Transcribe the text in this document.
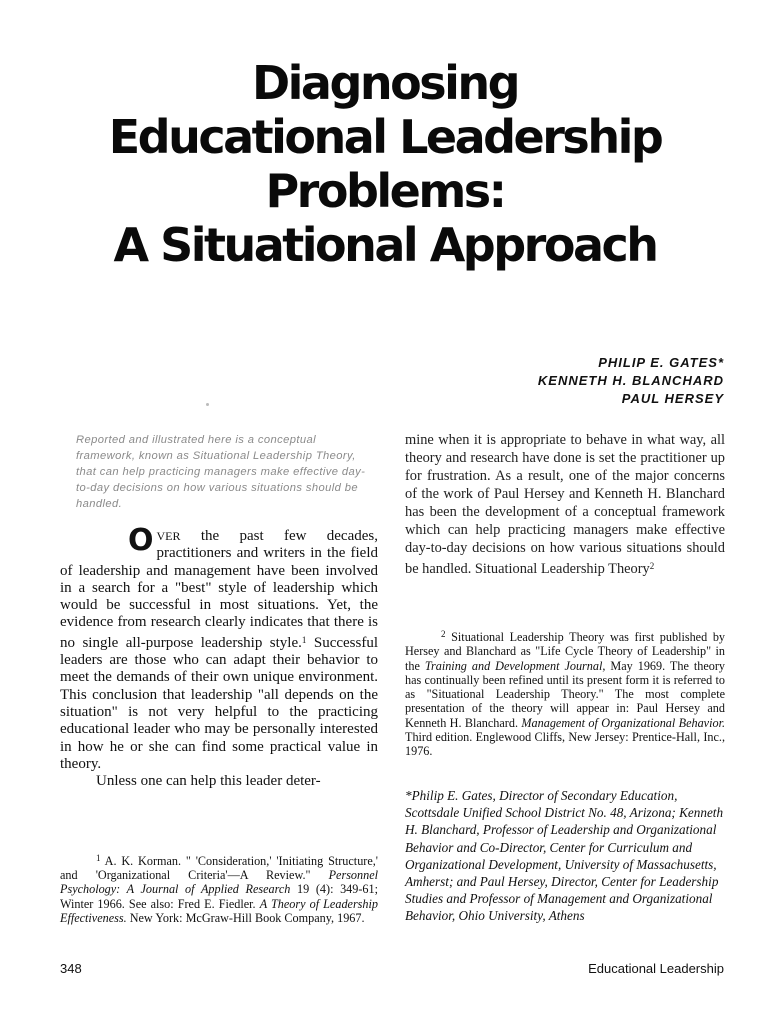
Diagnosing
Educational Leadership
Problems:
A Situational Approach
PHILIP E. GATES*
KENNETH H. BLANCHARD
PAUL HERSEY
Reported and illustrated here is a conceptual framework, known as Situational Leadership Theory, that can help practicing managers make effective day-to-day decisions on how various situations should be handled.

OVER the past few decades, practitioners and writers in the field of leadership and management have been involved in a search for a "best" style of leadership which would be successful in most situations. Yet, the evidence from research clearly indicates that there is no single all-purpose leadership style.$^1$ Successful leaders are those who can adapt their behavior to meet the demands of their own unique environment. This conclusion that leadership "all depends on the situation" is not very helpful to the practicing educational leader who may be personally interested in how he or she can find some practical value in theory.

Unless one can help this leader deter-

$^1$ A. K. Korman. " 'Consideration,' 'Initiating Structure,' and 'Organizational Criteria'—A Review." Personnel Psychology: A Journal of Applied Research 19 (4): 349-61; Winter 1966. See also: Fred E. Fiedler. A Theory of Leadership Effectiveness. New York: McGraw-Hill Book Company, 1967.

mine when it is appropriate to behave in what way, all theory and research have done is set the practitioner up for frustration. As a result, one of the major concerns of the work of Paul Hersey and Kenneth H. Blanchard has been the development of a conceptual framework which can help practicing managers make effective day-to-day decisions on how various situations should be handled. Situational Leadership Theory$^2$

$^2$ Situational Leadership Theory was first published by Hersey and Blanchard as "Life Cycle Theory of Leadership" in the Training and Development Journal, May 1969. The theory has continually been refined until its present form it is referred to as "Situational Leadership Theory." The most complete presentation of the theory will appear in: Paul Hersey and Kenneth H. Blanchard. Management of Organizational Behavior. Third edition. Englewood Cliffs, New Jersey: Prentice-Hall, Inc., 1976.

*Philip E. Gates, Director of Secondary Education, Scottsdale Unified School District No. 48, Arizona; Kenneth H. Blanchard, Professor of Leadership and Organizational Behavior and Co-Director, Center for Curriculum and Organizational Development, University of Massachusetts, Amherst; and Paul Hersey, Director, Center for Leadership Studies and Professor of Management and Organizational Behavior, Ohio University, Athens
348	Educational Leadership
